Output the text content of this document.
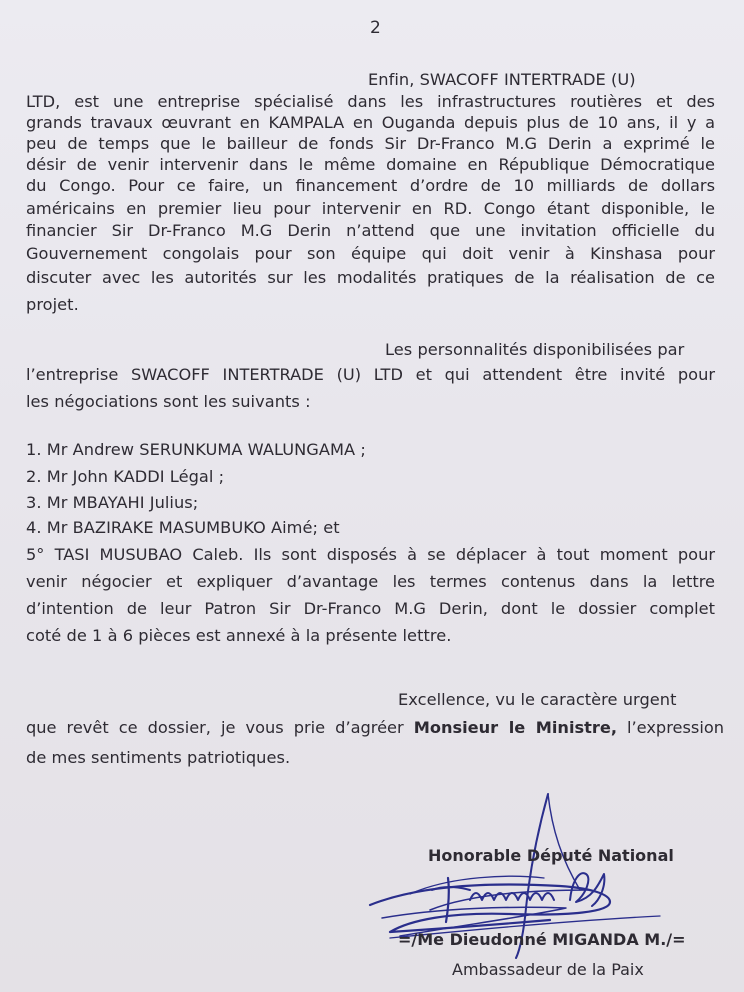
2
Enfin, SWACOFF INTERTRADE (U)
LTD, est une entreprise spécialisé dans les infrastructures routières et des
grands travaux œuvrant en KAMPALA en Ouganda depuis plus de 10 ans, il y a
peu de temps que le bailleur de fonds Sir Dr-Franco M.G Derin a exprimé le
désir de venir intervenir dans le même domaine en République Démocratique
du Congo. Pour ce faire, un financement d’ordre de 10 milliards de dollars
américains en premier lieu pour intervenir en RD. Congo étant disponible, le
financier Sir Dr-Franco M.G Derin n’attend que une invitation officielle du
Gouvernement congolais pour son équipe qui doit venir à Kinshasa pour
discuter avec les autorités sur les modalités pratiques de la réalisation de ce
projet.
Les personnalités disponibilisées par
l’entreprise SWACOFF INTERTRADE (U) LTD et qui attendent être invité pour
les négociations sont les suivants :
1. Mr Andrew SERUNKUMA WALUNGAMA ;
2. Mr John KADDI Légal ;
3. Mr MBAYAHI Julius;
4. Mr BAZIRAKE MASUMBUKO Aimé; et
5° TASI MUSUBAO Caleb. Ils sont disposés à se déplacer à tout moment pour
venir négocier et expliquer d’avantage les termes contenus dans la lettre
d’intention de leur Patron Sir Dr-Franco M.G Derin, dont le dossier complet
coté de 1 à 6 pièces est annexé à la présente lettre.
Excellence, vu le caractère urgent
que revêt ce dossier, je vous prie d’agréer Monsieur le Ministre, l’expression
de mes sentiments patriotiques.
Honorable Député National
=/Me Dieudonné MIGANDA M./=
Ambassadeur de la Paix
